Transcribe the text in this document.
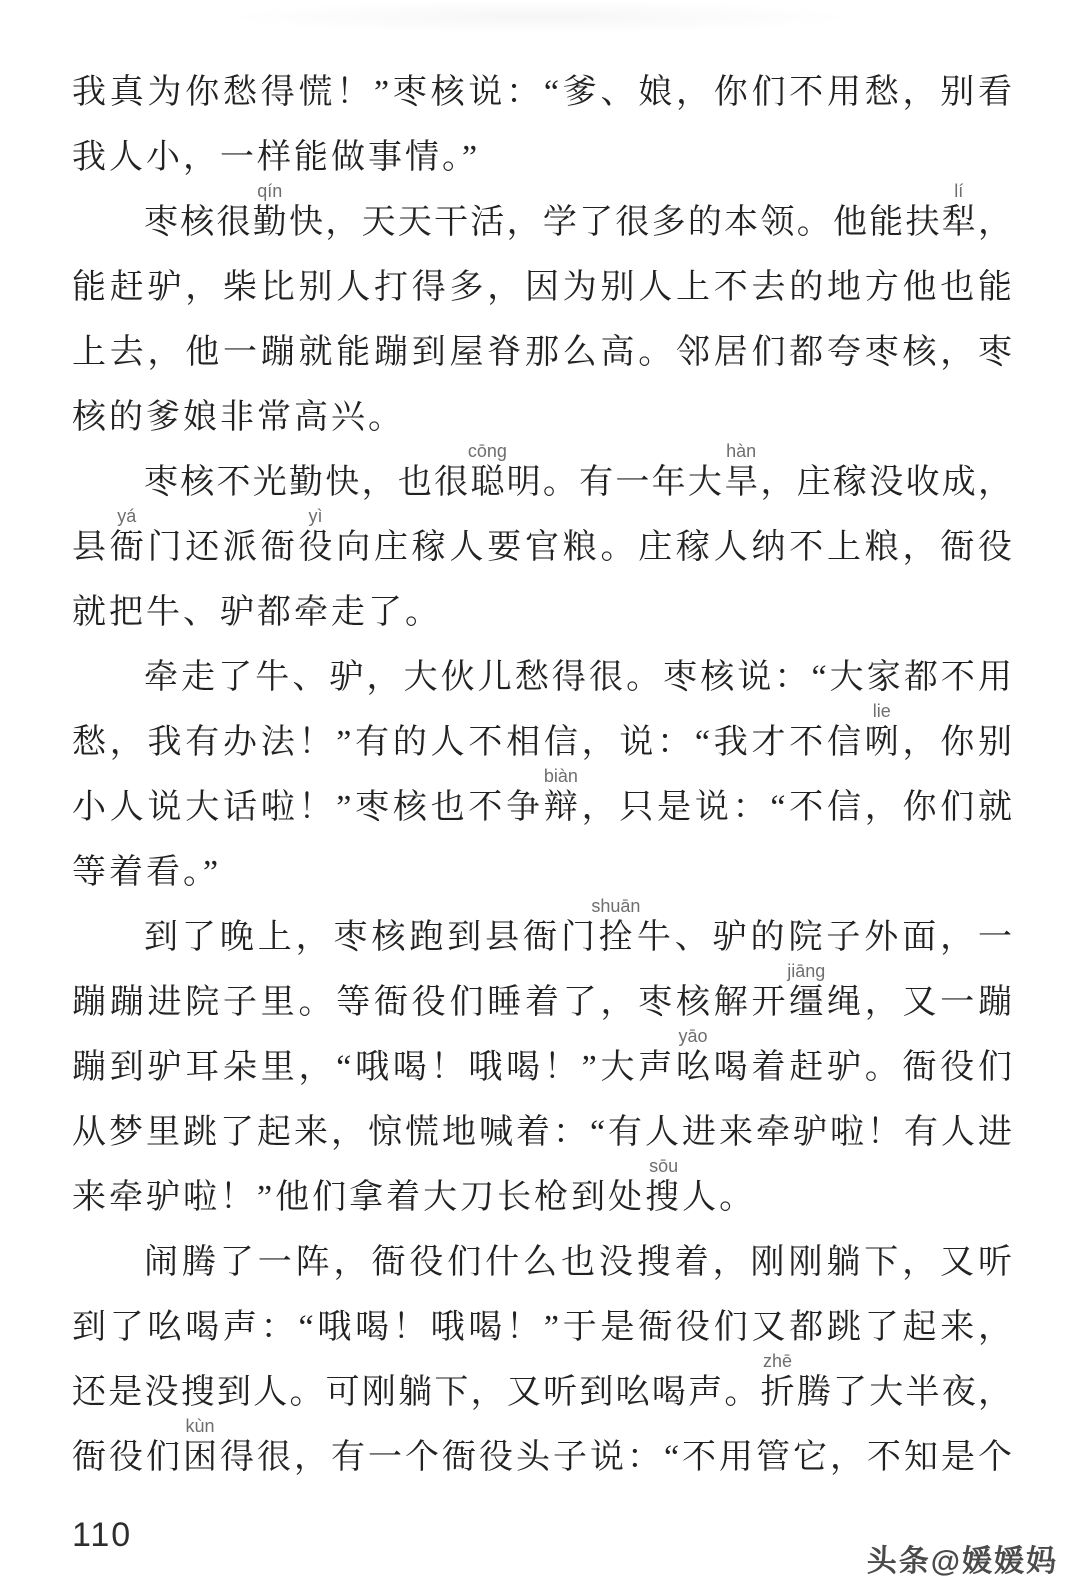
我真为你愁得慌！”枣核说：“爹、娘，你们不用愁，别看
我人小，一样能做事情。”
枣核很
qín
勤快，天天干活，学了很多的本领。他能扶
lí
犁，
能赶驴，柴比别人打得多，因为别人上不去的地方他也能
上去，他一蹦就能蹦到屋脊那么高。邻居们都夸枣核，枣
核的爹娘非常高兴。
枣核不光勤快，也很
cōng
聪明。有一年大
hàn
旱，庄稼没收成，
县
yá
衙门还派衙
yì
役向庄稼人要官粮。庄稼人纳不上粮，衙役
就把牛、驴都牵走了。
牵走了牛、驴，大伙儿愁得很。枣核说：“大家都不用
愁，我有办法！”有的人不相信，说：“我才不信
lie
咧，你别
小人说大话啦！”枣核也不争
biàn
辩，只是说：“不信，你们就
等着看。”
到了晚上，枣核跑到县衙门
shuān
拴牛、驴的院子外面，一
蹦蹦进院子里。等衙役们睡着了，枣核解开
jiāng
缰绳，又一蹦
蹦到驴耳朵里，“哦喝！哦喝！”大声
yāo
吆喝着赶驴。衙役们
从梦里跳了起来，惊慌地喊着：“有人进来牵驴啦！有人进
来牵驴啦！”他们拿着大刀长枪到处
sōu
搜人。
闹腾了一阵，衙役们什么也没搜着，刚刚躺下，又听
到了吆喝声：“哦喝！哦喝！”于是衙役们又都跳了起来，
还是没搜到人。可刚躺下，又听到吆喝声。
zhē
折腾了大半夜，
衙役们
kùn
困得很，有一个衙役头子说：“不用管它，不知是个
110
头条@媛媛妈
